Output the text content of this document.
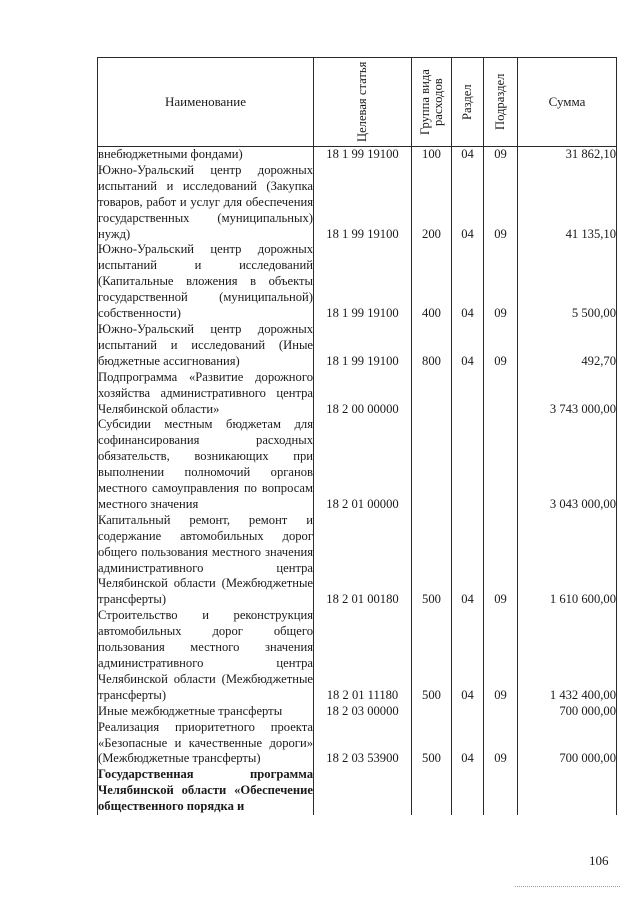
Наименование	Целевая статья	Группа вида расходов	Раздел	Подраздел	Сумма
внебюджетными фондами)	18 1 99 19100	100	04	09	31 862,10
Южно-Уральский центр дорожных испытаний и исследований (Закупка товаров, работ и услуг для обеспечения государственных (муниципальных) нужд)	18 1 99 19100	200	04	09	41 135,10
Южно-Уральский центр дорожных испытаний и исследований (Капитальные вложения в объекты государственной (муниципальной) собственности)	18 1 99 19100	400	04	09	5 500,00
Южно-Уральский центр дорожных испытаний и исследований (Иные бюджетные ассигнования)	18 1 99 19100	800	04	09	492,70
Подпрограмма «Развитие дорожного хозяйства административного центра Челябинской области»	18 2 00 00000				3 743 000,00
Субсидии местным бюджетам для софинансирования расходных обязательств, возникающих при выполнении полномочий органов местного самоуправления по вопросам местного значения	18 2 01 00000				3 043 000,00
Капитальный ремонт, ремонт и содержание автомобильных дорог общего пользования местного значения административного центра Челябинской области (Межбюджетные трансферты)	18 2 01 00180	500	04	09	1 610 600,00
Строительство и реконструкция автомобильных дорог общего пользования местного значения административного центра Челябинской области (Межбюджетные трансферты)	18 2 01 11180	500	04	09	1 432 400,00
Иные межбюджетные трансферты	18 2 03 00000				700 000,00
Реализация приоритетного проекта «Безопасные и качественные дороги» (Межбюджетные трансферты)	18 2 03 53900	500	04	09	700 000,00
Государственная программа Челябинской области «Обеспечение общественного порядка и					
106
